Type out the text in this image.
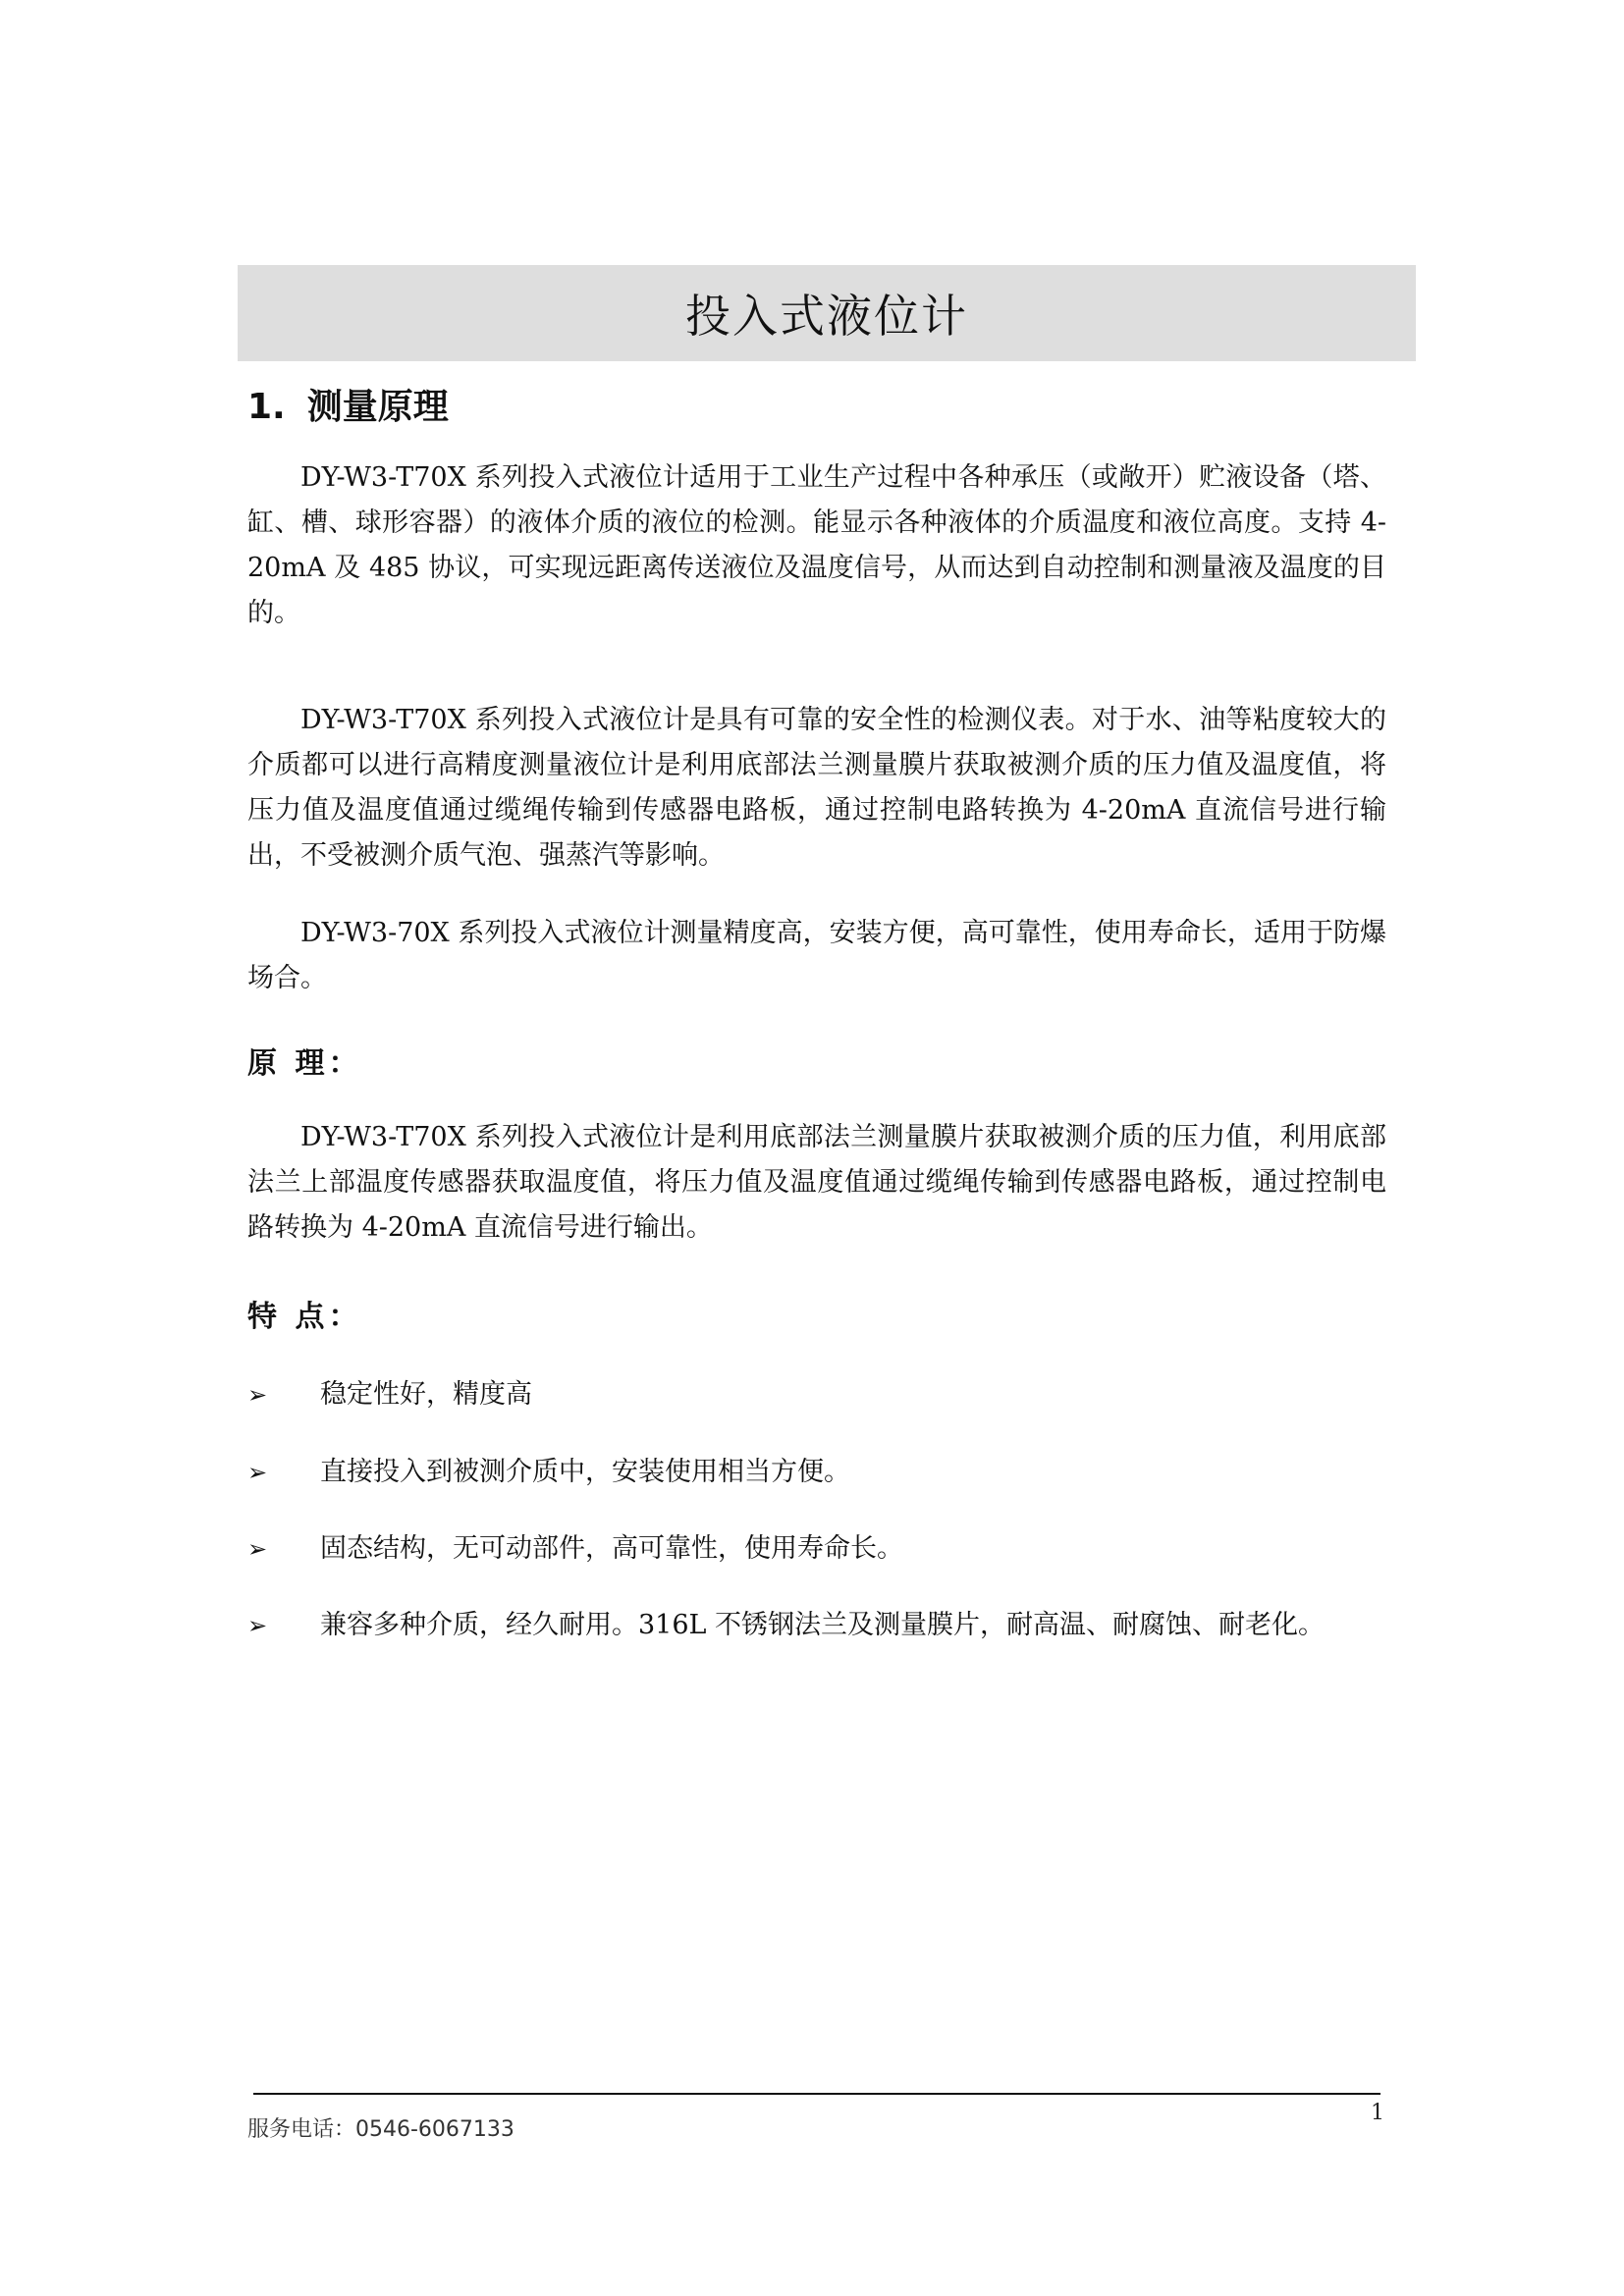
投入式液位计
1. 测量原理

DY-W3-T70X 系列投入式液位计适用于工业生产过程中各种承压（或敞开）贮液设备（塔、缸、槽、球形容器）的液体介质的液位的检测。能显示各种液体的介质温度和液位高度。支持 4-20mA 及 485 协议，可实现远距离传送液位及温度信号，从而达到自动控制和测量液及温度的目的。

DY-W3-T70X 系列投入式液位计是具有可靠的安全性的检测仪表。对于水、油等粘度较大的介质都可以进行高精度测量液位计是利用底部法兰测量膜片获取被测介质的压力值及温度值，将压力值及温度值通过缆绳传输到传感器电路板，通过控制电路转换为 4-20mA 直流信号进行输出，不受被测介质气泡、强蒸汽等影响。

DY-W3-70X 系列投入式液位计测量精度高，安装方便，高可靠性，使用寿命长，适用于防爆场合。

原 理：

DY-W3-T70X 系列投入式液位计是利用底部法兰测量膜片获取被测介质的压力值，利用底部法兰上部温度传感器获取温度值，将压力值及温度值通过缆绳传输到传感器电路板，通过控制电路转换为 4-20mA 直流信号进行输出。

特 点：
➢	稳定性好，精度高
➢	直接投入到被测介质中，安装使用相当方便。
➢	固态结构，无可动部件，高可靠性，使用寿命长。
➢	兼容多种介质，经久耐用。316L 不锈钢法兰及测量膜片，耐高温、耐腐蚀、耐老化。
服务电话：0546-6067133
1
